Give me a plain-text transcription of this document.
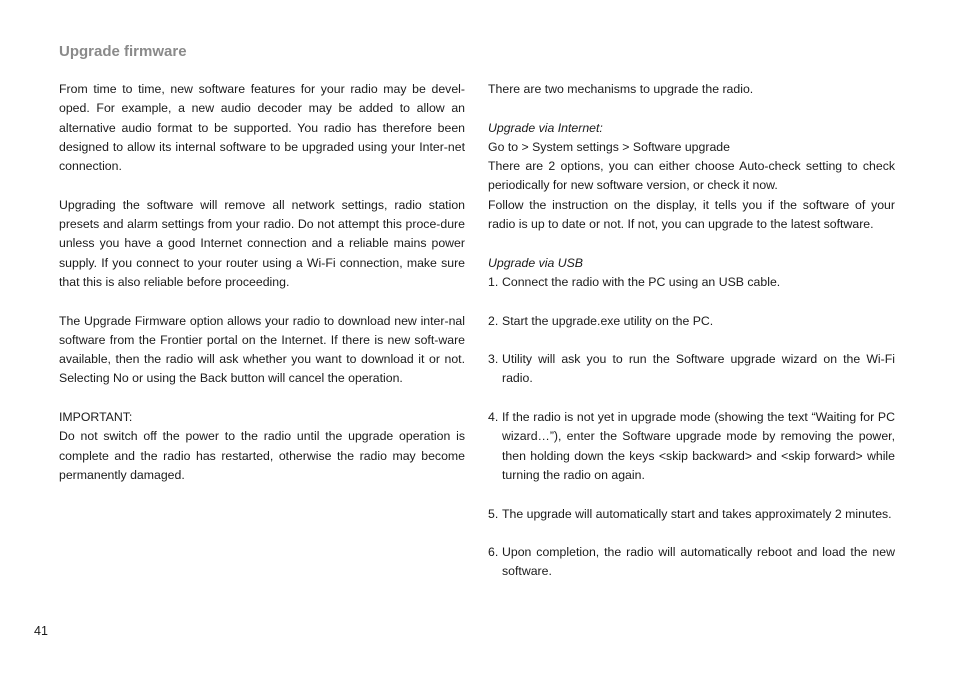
Upgrade firmware

From time to time, new software features for your radio may be devel-oped. For example, a new audio decoder may be added to allow an alternative audio format to be supported. You radio has therefore been designed to allow its internal software to be upgraded using your Inter-net connection.

Upgrading the software will remove all network settings, radio station presets and alarm settings from your radio. Do not attempt this proce-dure unless you have a good Internet connection and a reliable mains power supply. If you connect to your router using a Wi-Fi connection, make sure that this is also reliable before proceeding.

The Upgrade Firmware option allows your radio to download new inter-nal software from the Frontier portal on the Internet. If there is new soft-ware available, then the radio will ask whether you want to download it or not. Selecting No or using the Back button will cancel the operation.

IMPORTANT:

Do not switch off the power to the radio until the upgrade operation is complete and the radio has restarted, otherwise the radio may become permanently damaged.

There are two mechanisms to upgrade the radio.

Upgrade via Internet:

Go to > System settings > Software upgrade

There are 2 options, you can either choose Auto-check setting to check periodically for new software version, or check it now.

Follow the instruction on the display, it tells you if the software of your radio is up to date or not. If not, you can upgrade to the latest software.

Upgrade via USB

1. Connect the radio with the PC using an USB cable.
2. Start the upgrade.exe utility on the PC.
3. Utility will ask you to run the Software upgrade wizard on the Wi-Fi radio.
4. If the radio is not yet in upgrade mode (showing the text “Waiting for PC wizard…”), enter the Software upgrade mode by removing the power, then holding down the keys <skip backward> and <skip forward> while turning the radio on again.
5. The upgrade will automatically start and takes approximately 2 minutes.
6. Upon completion, the radio will automatically reboot and load the new software.
41
